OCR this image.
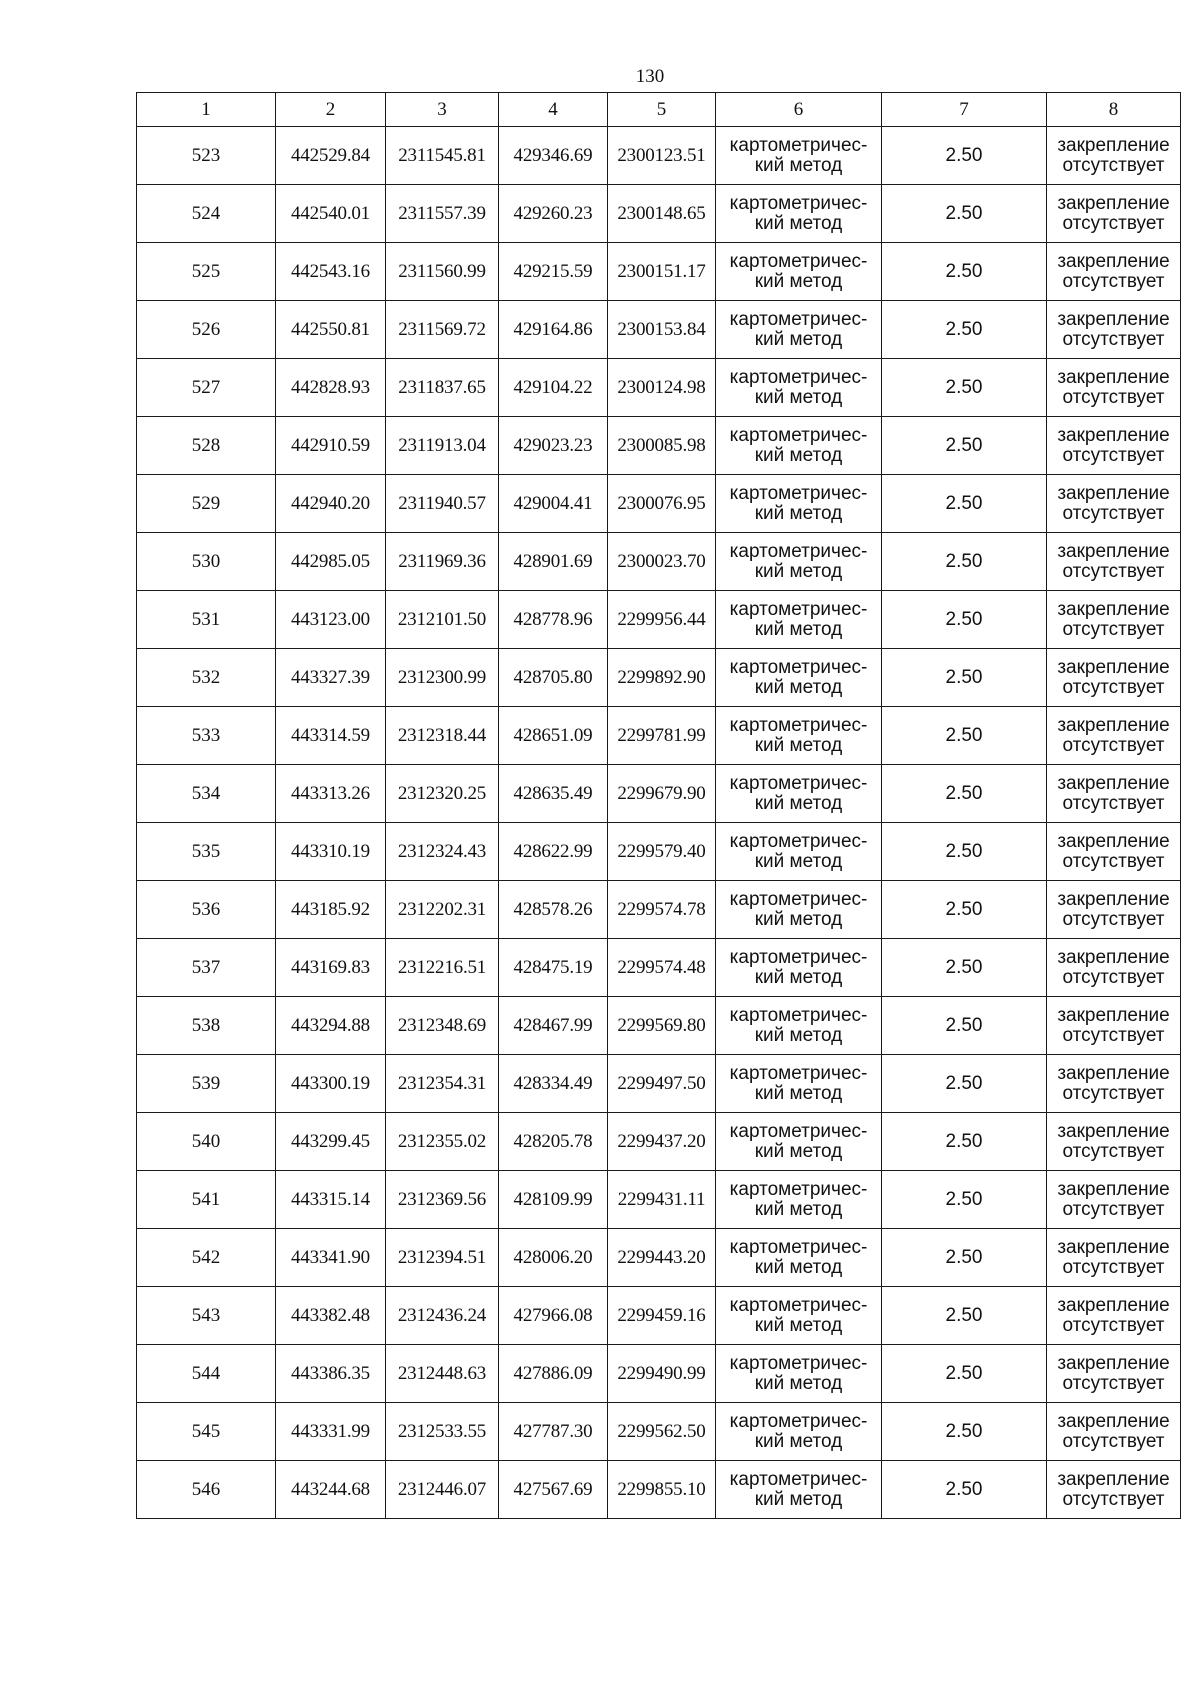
130
1	2	3	4	5	6	7	8
523	442529.84	2311545.81	429346.69	2300123.51	картометричес-
кий метод	2.50	закрепление
отсутствует

524	442540.01	2311557.39	429260.23	2300148.65	картометричес-
кий метод	2.50	закрепление
отсутствует

525	442543.16	2311560.99	429215.59	2300151.17	картометричес-
кий метод	2.50	закрепление
отсутствует

526	442550.81	2311569.72	429164.86	2300153.84	картометричес-
кий метод	2.50	закрепление
отсутствует

527	442828.93	2311837.65	429104.22	2300124.98	картометричес-
кий метод	2.50	закрепление
отсутствует

528	442910.59	2311913.04	429023.23	2300085.98	картометричес-
кий метод	2.50	закрепление
отсутствует

529	442940.20	2311940.57	429004.41	2300076.95	картометричес-
кий метод	2.50	закрепление
отсутствует

530	442985.05	2311969.36	428901.69	2300023.70	картометричес-
кий метод	2.50	закрепление
отсутствует

531	443123.00	2312101.50	428778.96	2299956.44	картометричес-
кий метод	2.50	закрепление
отсутствует

532	443327.39	2312300.99	428705.80	2299892.90	картометричес-
кий метод	2.50	закрепление
отсутствует

533	443314.59	2312318.44	428651.09	2299781.99	картометричес-
кий метод	2.50	закрепление
отсутствует

534	443313.26	2312320.25	428635.49	2299679.90	картометричес-
кий метод	2.50	закрепление
отсутствует

535	443310.19	2312324.43	428622.99	2299579.40	картометричес-
кий метод	2.50	закрепление
отсутствует

536	443185.92	2312202.31	428578.26	2299574.78	картометричес-
кий метод	2.50	закрепление
отсутствует

537	443169.83	2312216.51	428475.19	2299574.48	картометричес-
кий метод	2.50	закрепление
отсутствует

538	443294.88	2312348.69	428467.99	2299569.80	картометричес-
кий метод	2.50	закрепление
отсутствует

539	443300.19	2312354.31	428334.49	2299497.50	картометричес-
кий метод	2.50	закрепление
отсутствует

540	443299.45	2312355.02	428205.78	2299437.20	картометричес-
кий метод	2.50	закрепление
отсутствует

541	443315.14	2312369.56	428109.99	2299431.11	картометричес-
кий метод	2.50	закрепление
отсутствует

542	443341.90	2312394.51	428006.20	2299443.20	картометричес-
кий метод	2.50	закрепление
отсутствует

543	443382.48	2312436.24	427966.08	2299459.16	картометричес-
кий метод	2.50	закрепление
отсутствует

544	443386.35	2312448.63	427886.09	2299490.99	картометричес-
кий метод	2.50	закрепление
отсутствует

545	443331.99	2312533.55	427787.30	2299562.50	картометричес-
кий метод	2.50	закрепление
отсутствует

546	443244.68	2312446.07	427567.69	2299855.10	картометричес-
кий метод	2.50	закрепление
отсутствует
